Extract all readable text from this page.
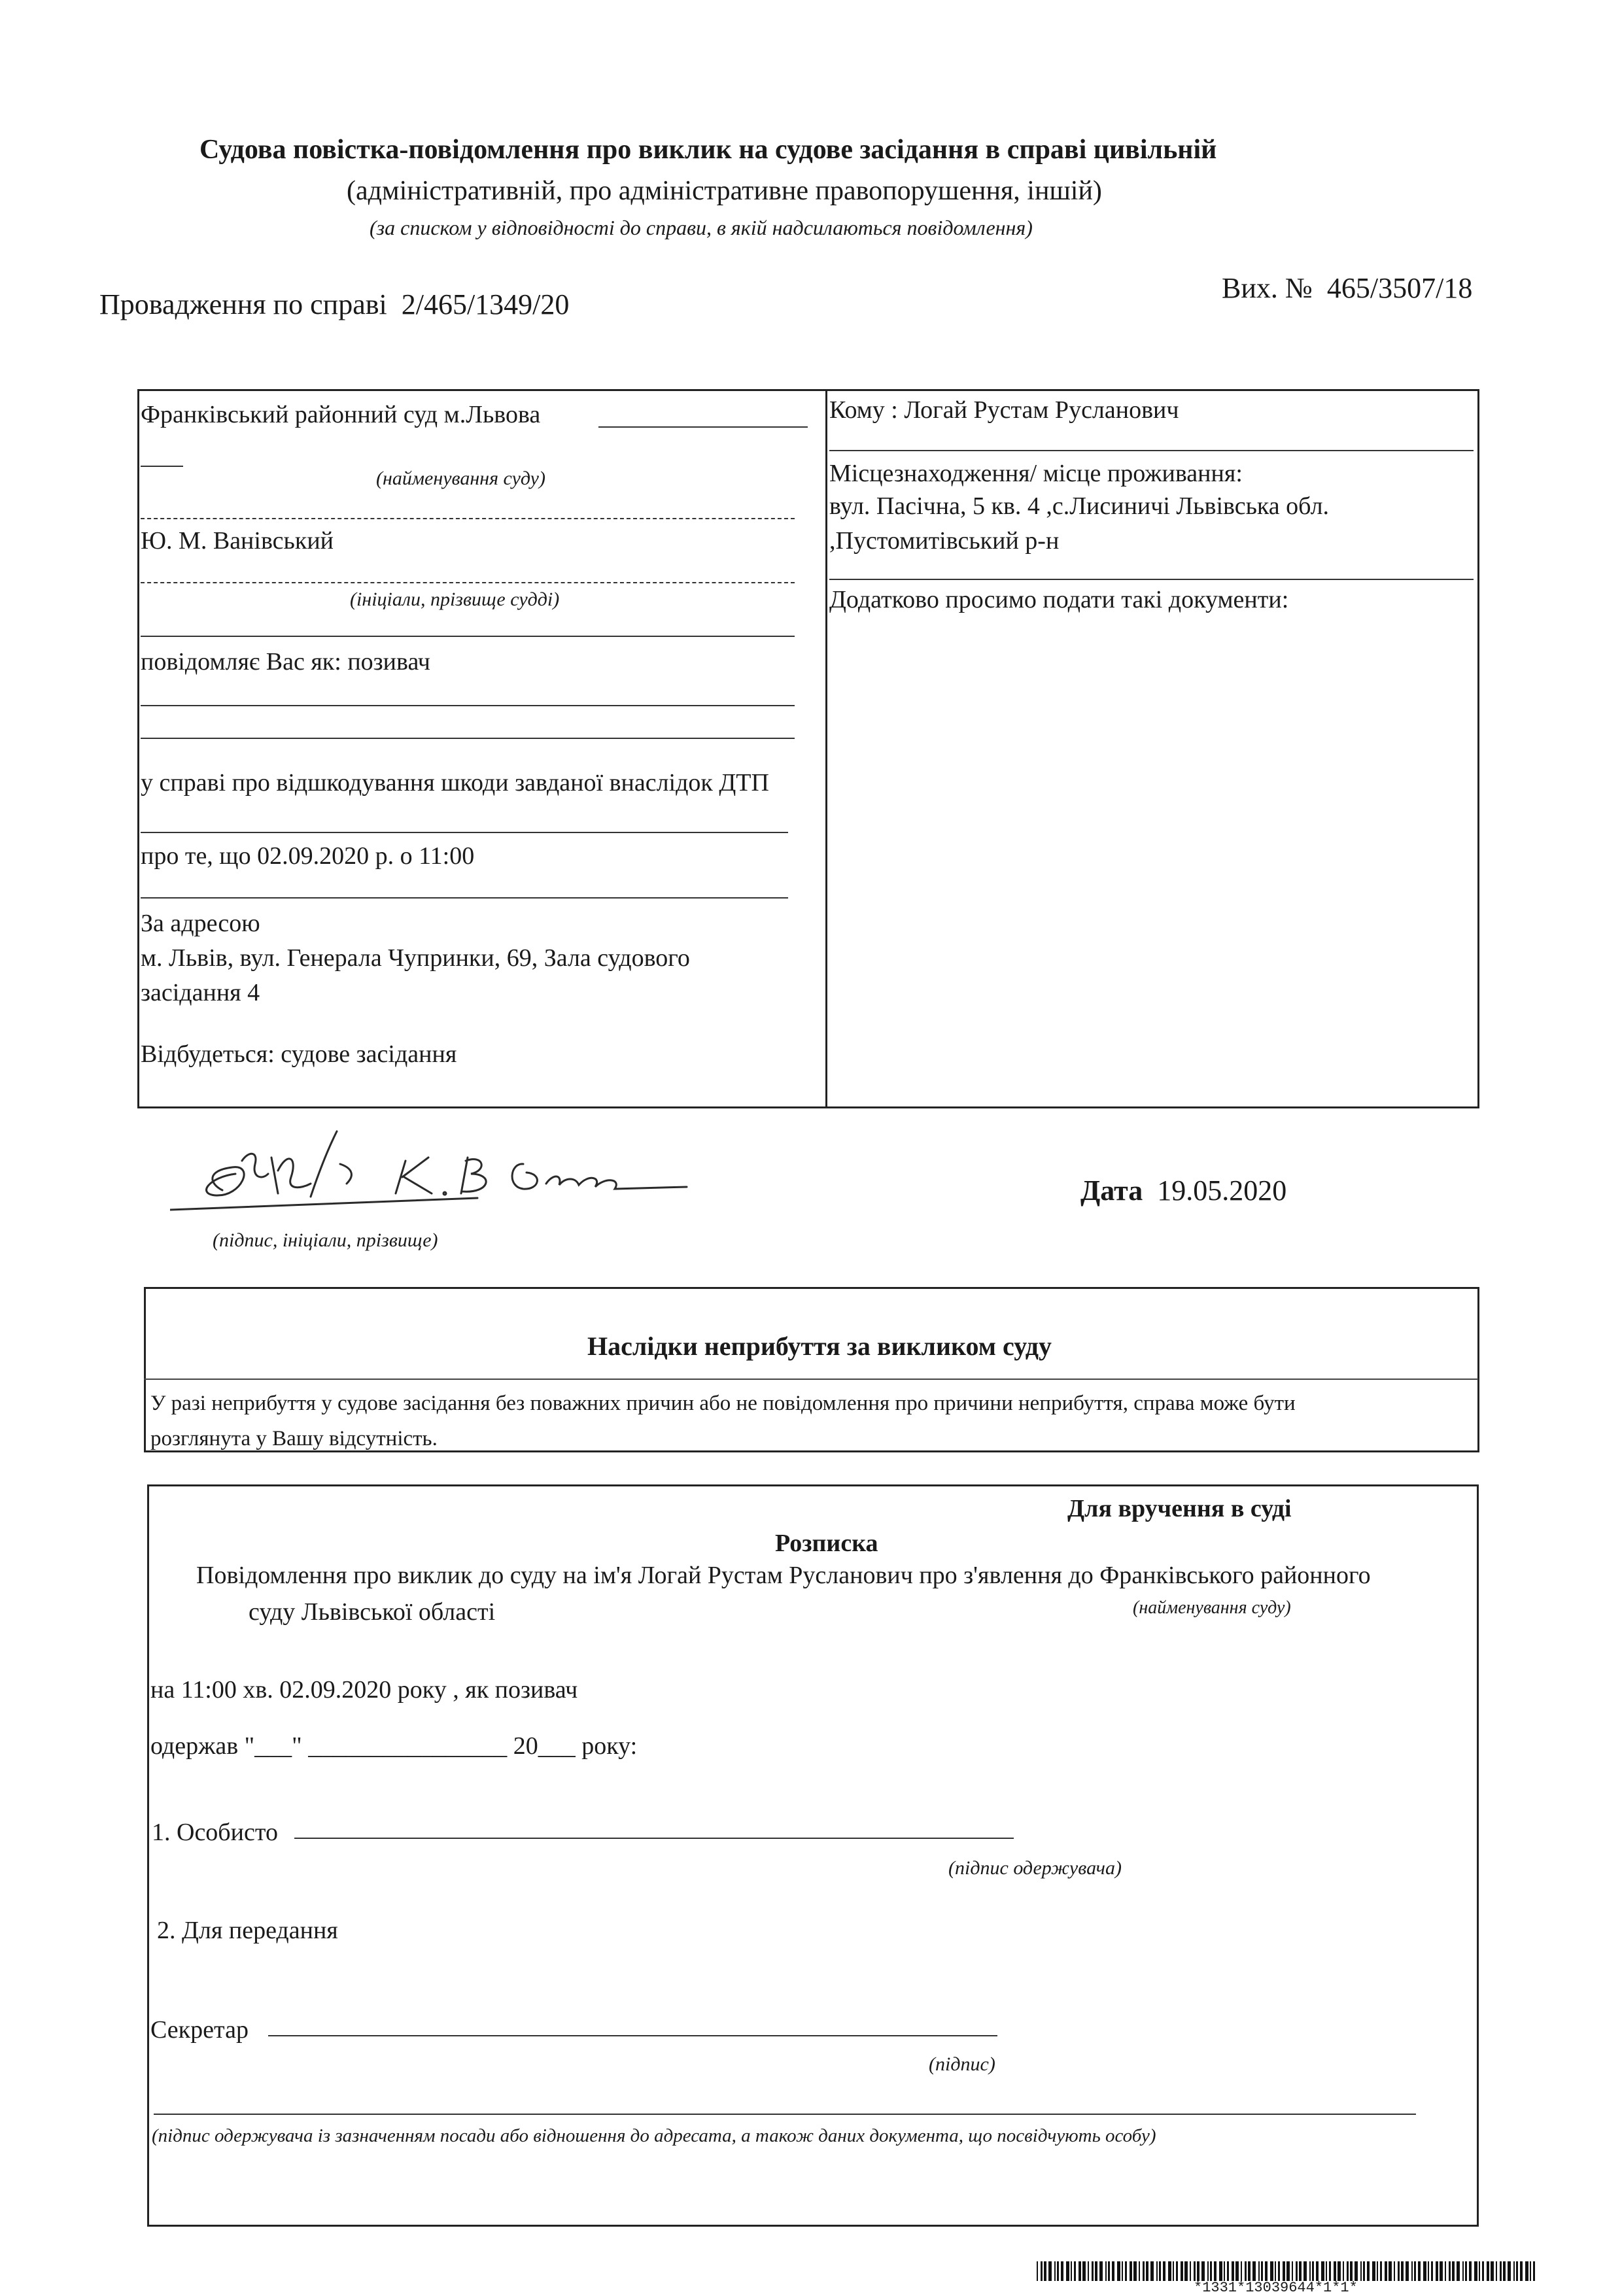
Судова повістка-повідомлення про виклик на судове засідання в справі цивільній
(адміністративній, про адміністративне правопорушення, іншій)
(за списком у відповідності до справи, в якій надсилаються повідомлення)
Провадження по справі 2/465/1349/20
Вих. № 465/3507/18
Франківський районний суд м.Львова
(найменування суду)
Ю. М. Ванівський
(ініціали, прізвище судді)
повідомляє Вас як: позивач
у справі про відшкодування шкоди завданої внаслідок ДТП
про те, що 02.09.2020 р. о 11:00
За адресою
м. Львів, вул. Генерала Чупринки, 69, Зала судового
засідання 4
Відбудеться: судове засідання
Кому : Логай Рустам Русланович
Місцезнаходження/ місце проживання:
вул. Пасічна, 5 кв. 4 ,с.Лисиничі Львівська обл.
,Пустомитівський р-н
Додатково просимо подати такі документи:
(підпис, ініціали, прізвище)
Дата 19.05.2020
Наслідки неприбуття за викликом суду
У разі неприбуття у судове засідання без поважних причин або не повідомлення про причини неприбуття, справа може бути
розглянута у Вашу відсутність.
Для вручення в суді
Розписка
Повідомлення про виклик до суду на ім'я Логай Рустам Русланович про з'явлення до Франківського районного
суду Львівської області	(найменування суду)
на 11:00 хв. 02.09.2020 року , як позивач
одержав "___" ________________ 20___ року:
1. Особисто
(підпис одержувача)
2. Для передання
Секретар
(підпис)
(підпис одержувача із зазначенням посади або відношення до адресата, а також даних документа, що посвідчують особу)
*1331*13039644*1*1*
